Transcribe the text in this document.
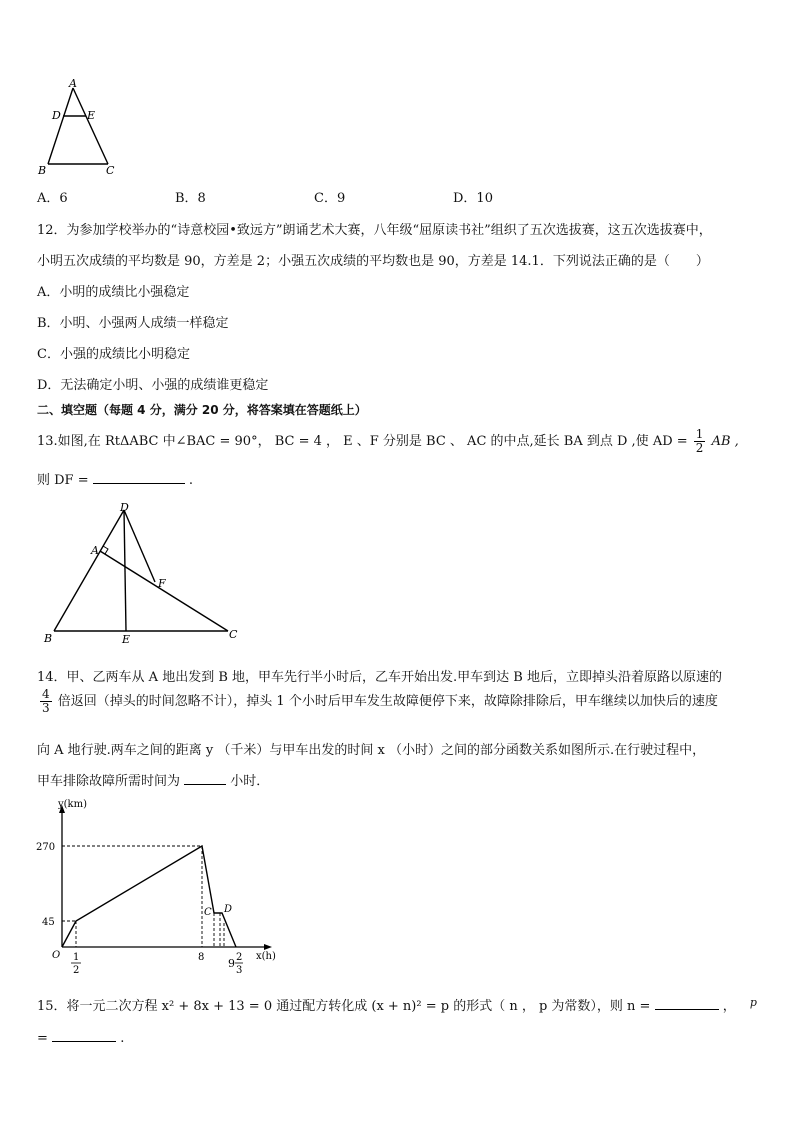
A
D E
B	C
A．6	B．8	C．9	D．10
12．为参加学校举办的“诗意校园•致远方”朗诵艺术大赛，八年级“屈原读书社”组织了五次选拔赛，这五次选拔赛中，
小明五次成绩的平均数是 90，方差是 2；小强五次成绩的平均数也是 90，方差是 14.1．下列说法正确的是（　　）
A．小明的成绩比小强稳定
B．小明、小强两人成绩一样稳定
C．小强的成绩比小明稳定
D．无法确定小明、小强的成绩谁更稳定
二、填空题（每题 4 分，满分 20 分，将答案填在答题纸上）
13.如图,在 RtΔABC 中∠BAC = 90°， BC = 4 ， E 、F 分别是 BC 、 AC 的中点,延长 BA 到点 D ,使 AD = $\frac{1}{2}$ AB ,
则 DF =	.
D
A
F
B	E	C
14．甲、乙两车从 A 地出发到 B 地，甲车先行半小时后，乙车开始出发.甲车到达 B 地后，立即掉头沿着原路以原速的
$\frac{4}{3}$ 倍返回（掉头的时间忽略不计），掉头 1 个小时后甲车发生故障便停下来，故障除排除后，甲车继续以加快后的速度
向 A 地行驶.两车之间的距离 y （千米）与甲车出发的时间 x （小时）之间的部分函数关系如图所示.在行驶过程中，
甲车排除故障所需时间为	小时．
y(km)
x(h)
O
270
45
1
2
8 9 2
3
C D
15．将一元二次方程 x² + 8x + 13 = 0 通过配方转化成 (x + n)² = p 的形式（ n ， p 为常数），则 n =	， $^p$
=	.
